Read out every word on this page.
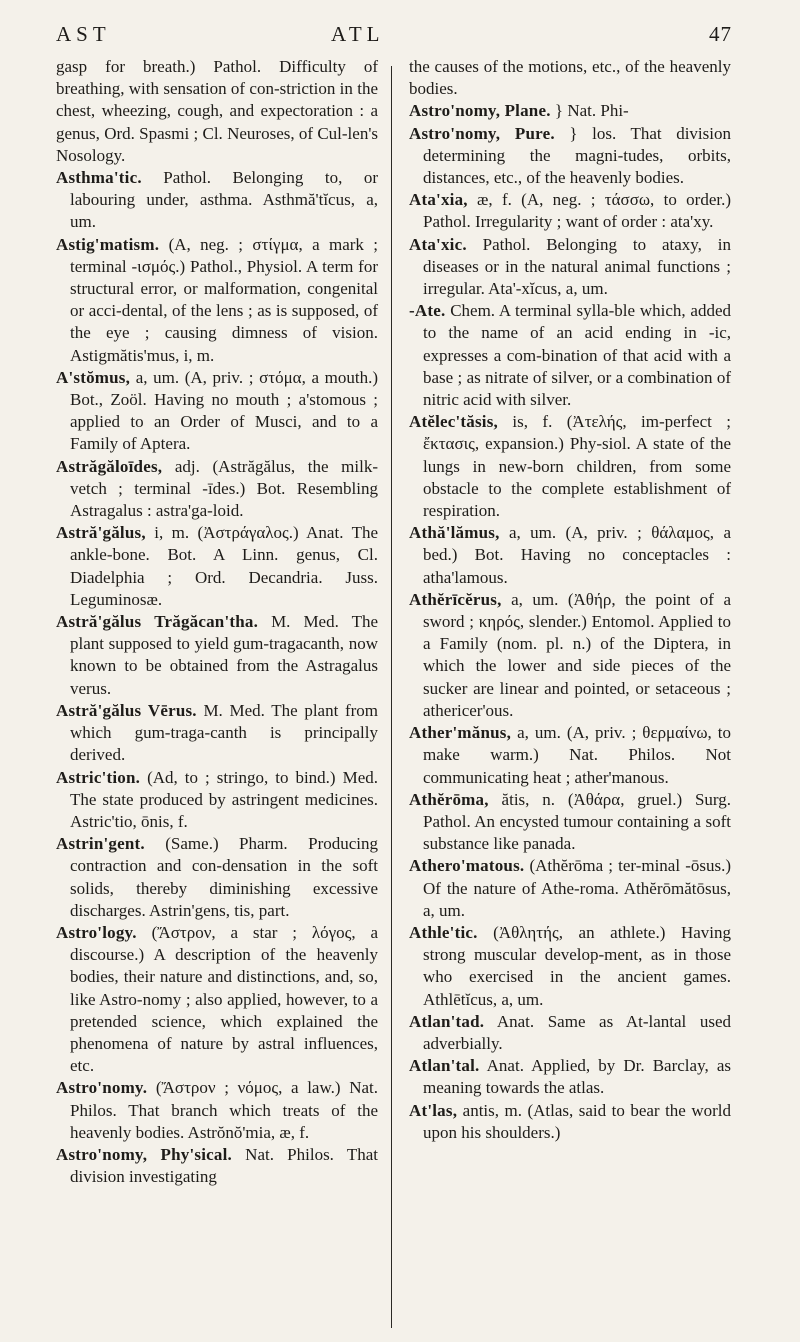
AST	ATL	47

gasp for breath.) Pathol. Difficulty of breathing, with sensation of con-striction in the chest, wheezing, cough, and expectoration : a genus, Ord. Spasmi ; Cl. Neuroses, of Cul-len's Nosology.

Asthma'tic. Pathol. Belonging to, or labouring under, asthma. Asthmă'tĭcus, a, um.

Astig'matism. (A, neg. ; στίγμα, a mark ; terminal -ισμός.) Pathol., Physiol. A term for structural error, or malformation, congenital or acci-dental, of the lens ; as is supposed, of the eye ; causing dimness of vision. Astigmătis'mus, i, m.

A'stŏmus, a, um. (A, priv. ; στόμα, a mouth.) Bot., Zoöl. Having no mouth ; a'stomous ; applied to an Order of Musci, and to a Family of Aptera.

Astrăgăloīdes, adj. (Astrăgălus, the milk-vetch ; terminal -īdes.) Bot. Resembling Astragalus : astra'ga-loid.

Astră'gălus, i, m. (Ἀστράγαλος.) Anat. The ankle-bone. Bot. A Linn. genus, Cl. Diadelphia ; Ord. Decandria. Juss. Leguminosæ.

Astră'gălus Trăgăcan'tha. M. Med. The plant supposed to yield gum-tragacanth, now known to be obtained from the Astragalus verus.

Astră'gălus Vērus. M. Med. The plant from which gum-traga-canth is principally derived.

Astric'tion. (Ad, to ; stringo, to bind.) Med. The state produced by astringent medicines. Astric'tio, ōnis, f.

Astrin'gent. (Same.) Pharm. Producing contraction and con-densation in the soft solids, thereby diminishing excessive discharges. Astrin'gens, tis, part.

Astro'logy. (Ἄστρον, a star ; λόγος, a discourse.) A description of the heavenly bodies, their nature and distinctions, and, so, like Astro-nomy ; also applied, however, to a pretended science, which explained the phenomena of nature by astral influences, etc.

Astro'nomy. (Ἄστρον ; νόμος, a law.) Nat. Philos. That branch which treats of the heavenly bodies. Astrŏnŏ'mia, æ, f.

Astro'nomy, Phy'sical. Nat. Philos. That division investigating

the causes of the motions, etc., of the heavenly bodies.

Astro'nomy, Plane. } Nat. Phi-

Astro'nomy, Pure. } los. That division determining the magni-tudes, orbits, distances, etc., of the heavenly bodies.

Ata'xia, æ, f. (A, neg. ; τάσσω, to order.) Pathol. Irregularity ; want of order : ata'xy.

Ata'xic. Pathol. Belonging to ataxy, in diseases or in the natural animal functions ; irregular. Ata'-xĭcus, a, um.

-Ate. Chem. A terminal sylla-ble which, added to the name of an acid ending in -ic, expresses a com-bination of that acid with a base ; as nitrate of silver, or a combination of nitric acid with silver.

Atĕlec'tăsis, is, f. (Ἀτελής, im-perfect ; ἔκτασις, expansion.) Phy-siol. A state of the lungs in new-born children, from some obstacle to the complete establishment of respiration.

Athă'lămus, a, um. (A, priv. ; θάλαμος, a bed.) Bot. Having no conceptacles : atha'lamous.

Athĕrīcĕrus, a, um. (Ἀθήρ, the point of a sword ; κηρός, slender.) Entomol. Applied to a Family (nom. pl. n.) of the Diptera, in which the lower and side pieces of the sucker are linear and pointed, or setaceous ; athericer'ous.

Ather'mănus, a, um. (A, priv. ; θερμαίνω, to make warm.) Nat. Philos. Not communicating heat ; ather'manous.

Athĕrōma, ătis, n. (Ἀθάρα, gruel.) Surg. Pathol. An encysted tumour containing a soft substance like panada.

Athero'matous. (Athĕrōma ; ter-minal -ōsus.) Of the nature of Athe-roma. Athĕrōmătōsus, a, um.

Athle'tic. (Ἀθλητής, an athlete.) Having strong muscular develop-ment, as in those who exercised in the ancient games. Athlētĭcus, a, um.

Atlan'tad. Anat. Same as At-lantal used adverbially.

Atlan'tal. Anat. Applied, by Dr. Barclay, as meaning towards the atlas.

At'las, antis, m. (Atlas, said to bear the world upon his shoulders.)
